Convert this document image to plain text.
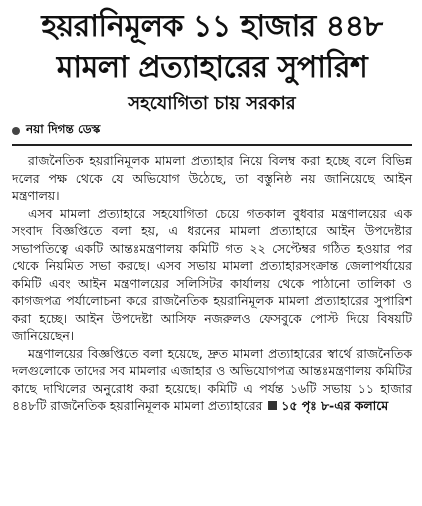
হয়রানিমূলক ১১ হাজার ৪৪৮
মামলা প্রত্যাহারের সুপারিশ
সহযোগিতা চায় সরকার
নয়া দিগন্ত ডেস্ক

রাজনৈতিক হয়রানিমূলক মামলা প্রত্যাহার নিয়ে বিলম্ব করা হচ্ছে বলে বিভিন্ন দলের পক্ষ থেকে যে অভিযোগ উঠেছে, তা বস্তুনিষ্ঠ নয় জানিয়েছে আইন মন্ত্রণালয়।

এসব মামলা প্রত্যাহারে সহযোগিতা চেয়ে গতকাল বুধবার মন্ত্রণালয়ের এক সংবাদ বিজ্ঞপ্তিতে বলা হয়, এ ধরনের মামলা প্রত্যাহারে আইন উপদেষ্টার সভাপতিত্বে একটি আন্তঃমন্ত্রণালয় কমিটি গত ২২ সেপ্টেম্বর গঠিত হওয়ার পর থেকে নিয়মিত সভা করছে। এসব সভায় মামলা প্রত্যাহারসংক্রান্ত জেলাপর্যায়ের কমিটি এবং আইন মন্ত্রণালয়ের সলিসিটর কার্যালয় থেকে পাঠানো তালিকা ও কাগজপত্র পর্যালোচনা করে রাজনৈতিক হয়রানিমূলক মামলা প্রত্যাহারের সুপারিশ করা হচ্ছে। আইন উপদেষ্টা আসিফ নজরুলও ফেসবুকে পোস্ট দিয়ে বিষয়টি জানিয়েছেন।

মন্ত্রণালয়ের বিজ্ঞপ্তিতে বলা হয়েছে, দ্রুত মামলা প্রত্যাহারের স্বার্থে রাজনৈতিক দলগুলোকে তাদের সব মামলার এজাহার ও অভিযোগপত্র আন্তঃমন্ত্রণালয় কমিটির কাছে দাখিলের অনুরোধ করা হয়েছে। কমিটি এ পর্যন্ত ১৬টি সভায় ১১ হাজার ৪৪৮টি রাজনৈতিক হয়রানিমূলক মামলা প্রত্যাহারের ১৫ পৃঃ ৮-এর কলামে
